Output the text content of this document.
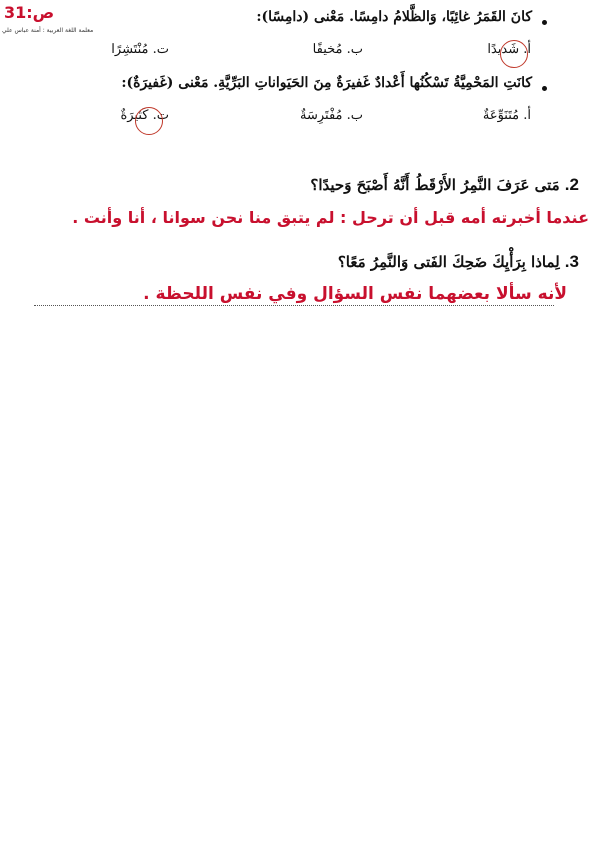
ص:31
معلمة اللغة العربية : أمنة عباس علي
كانَ القَمَرُ غائِبًا، وَالظَّلامُ دامِسًا. مَعْنى (دامِسًا):
أ. شَديدًا
ب. مُخيفًا
ت. مُنْتَشِرًا
كانَتِ المَحْمِيَّةُ تَسْكُنُها أَعْدادٌ غَفيرَةٌ مِنَ الحَيَواناتِ البَرِّيَّةِ. مَعْنى (غَفيرَةٌ):
أ. مُتَنَوِّعَةٌ
ب. مُفْتَرِسَةٌ
ت. كَثيرَةٌ
2. مَتى عَرَفَ النَّمِرُ الأَرْقَطُ أَنَّهُ أَصْبَحَ وَحيدًا؟
عندما أخبرته أمه قبل أن ترحل : لم يتبق منا نحن سوانا ، أنا وأنت .
3. لِماذا بِرَأْيِكَ ضَحِكَ الفَتى وَالنَّمِرُ مَعًا؟
لأنه سألا بعضهما نفس السؤال وفي نفس اللحظة .
